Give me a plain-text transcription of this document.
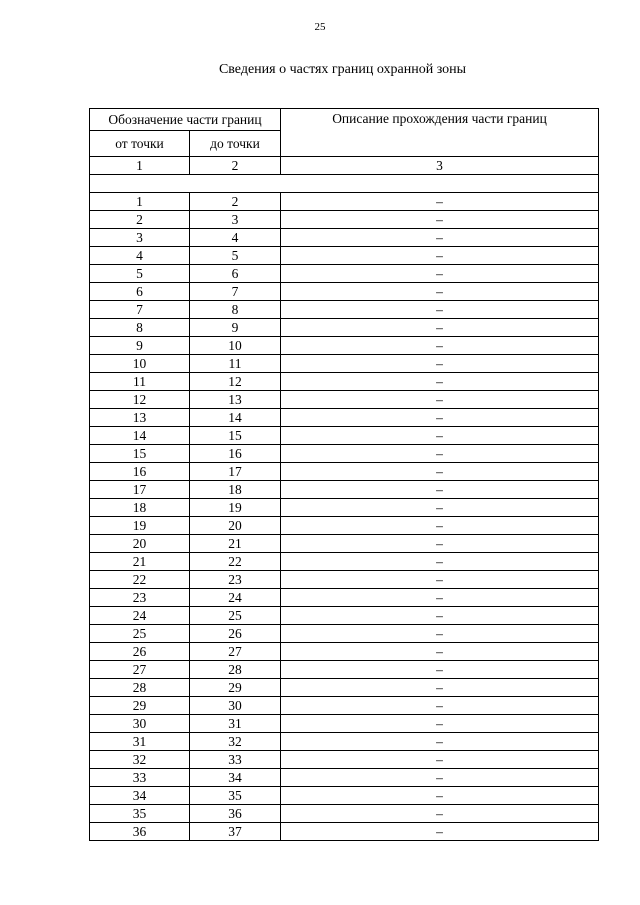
25
Сведения о частях границ охранной зоны
Обозначение части границ		Описание прохождения части границ
от точки	до точки	
1	2	3

1	2	–
2	3	–
3	4	–
4	5	–
5	6	–
6	7	–
7	8	–
8	9	–
9	10	–
10	11	–
11	12	–
12	13	–
13	14	–
14	15	–
15	16	–
16	17	–
17	18	–
18	19	–
19	20	–
20	21	–
21	22	–
22	23	–
23	24	–
24	25	–
25	26	–
26	27	–
27	28	–
28	29	–
29	30	–
30	31	–
31	32	–
32	33	–
33	34	–
34	35	–
35	36	–
36	37	–
